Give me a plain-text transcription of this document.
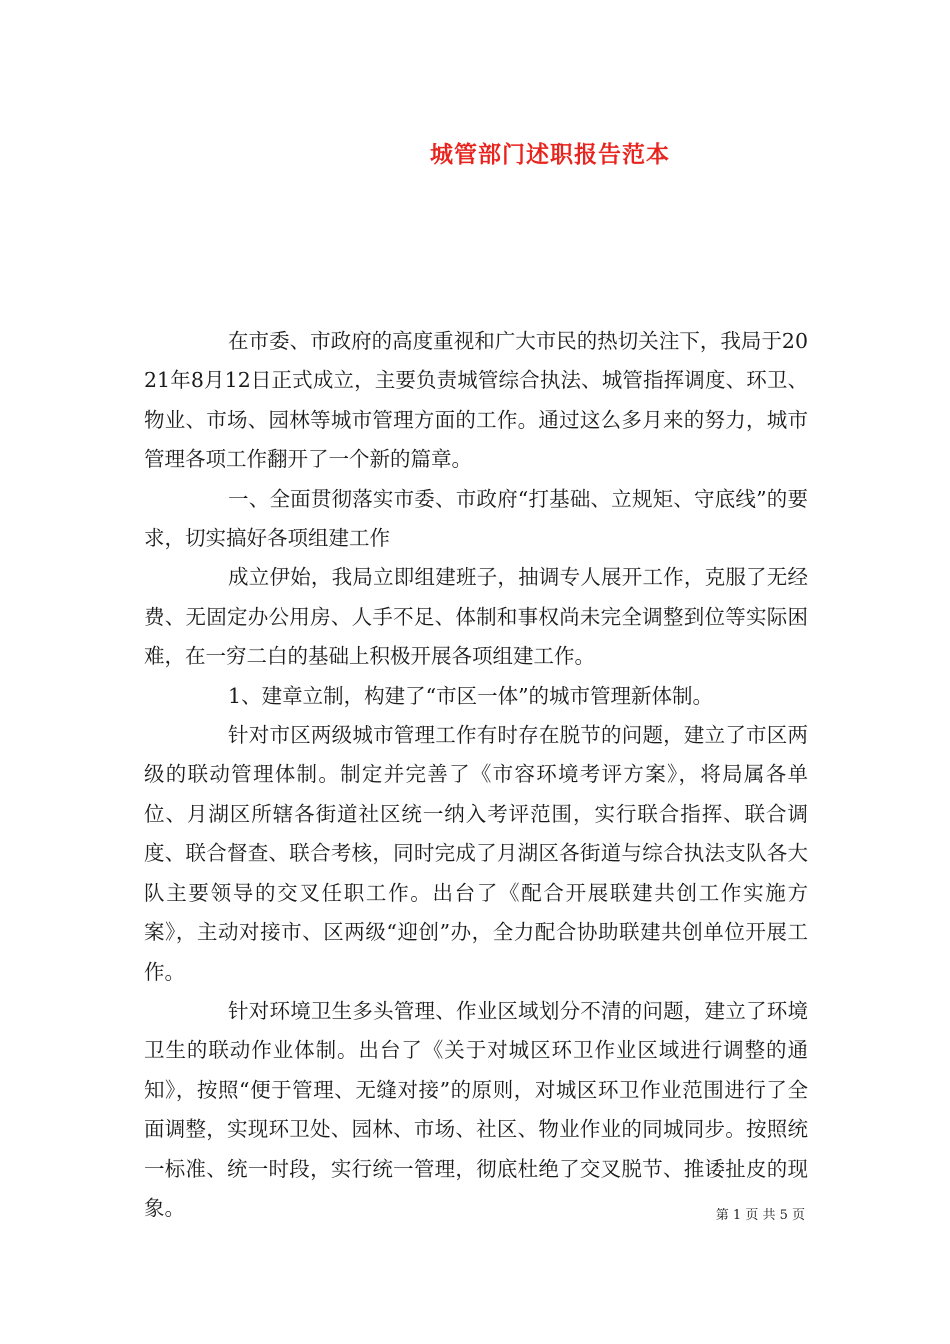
城管部门述职报告范本

在市委、市政府的高度重视和广大市民的热切关注下，我局于2021年8月12日正式成立，主要负责城管综合执法、城管指挥调度、环卫、物业、市场、园林等城市管理方面的工作。通过这么多月来的努力，城市管理各项工作翻开了一个新的篇章。

一、全面贯彻落实市委、市政府“打基础、立规矩、守底线”的要求，切实搞好各项组建工作

成立伊始，我局立即组建班子，抽调专人展开工作，克服了无经费、无固定办公用房、人手不足、体制和事权尚未完全调整到位等实际困难，在一穷二白的基础上积极开展各项组建工作。

1、建章立制，构建了“市区一体”的城市管理新体制。

针对市区两级城市管理工作有时存在脱节的问题，建立了市区两级的联动管理体制。制定并完善了《市容环境考评方案》，将局属各单位、月湖区所辖各街道社区统一纳入考评范围，实行联合指挥、联合调度、联合督查、联合考核，同时完成了月湖区各街道与综合执法支队各大队主要领导的交叉任职工作。出台了《配合开展联建共创工作实施方案》，主动对接市、区两级“迎创”办，全力配合协助联建共创单位开展工作。

针对环境卫生多头管理、作业区域划分不清的问题，建立了环境卫生的联动作业体制。出台了《关于对城区环卫作业区域进行调整的通知》，按照“便于管理、无缝对接”的原则，对城区环卫作业范围进行了全面调整，实现环卫处、园林、市场、社区、物业作业的同城同步。按照统一标准、统一时段，实行统一管理，彻底杜绝了交叉脱节、推诿扯皮的现象。	第 1 页 共 5 页
